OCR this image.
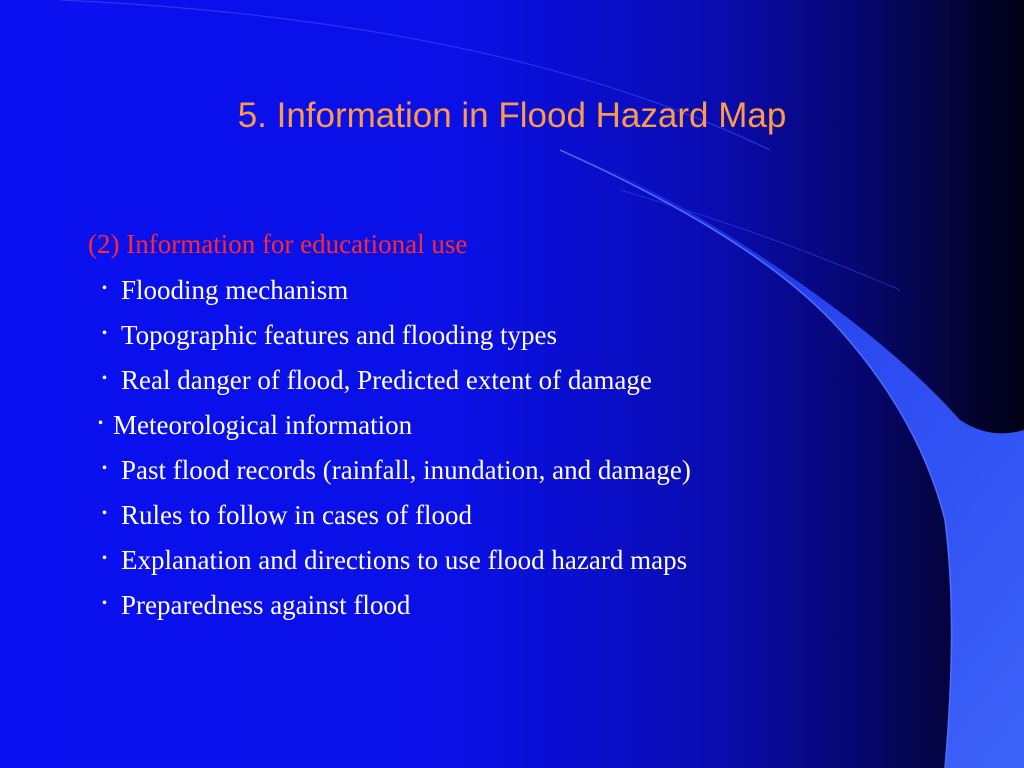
5. Information in Flood Hazard Map
(2) Information for educational use
・ Flooding mechanism
・ Topographic features and flooding types
・ Real danger of flood, Predicted extent of damage
・Meteorological information
・ Past flood records (rainfall, inundation, and damage)
・ Rules to follow in cases of flood
・ Explanation and directions to use flood hazard maps
・ Preparedness against flood
